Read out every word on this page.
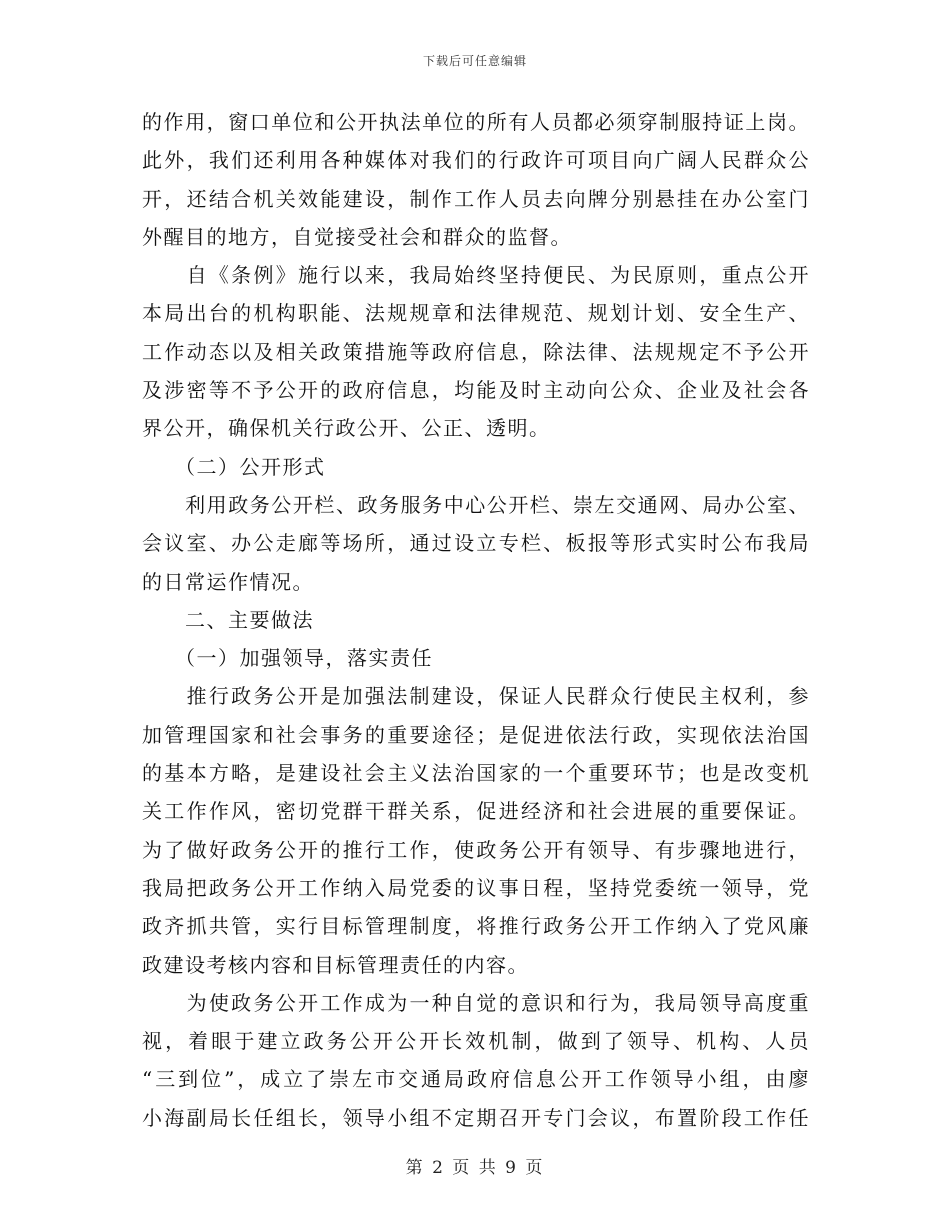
下载后可任意编辑
的作用，窗口单位和公开执法单位的所有人员都必须穿制服持证上岗。
此外，我们还利用各种媒体对我们的行政许可项目向广阔人民群众公
开，还结合机关效能建设，制作工作人员去向牌分别悬挂在办公室门
外醒目的地方，自觉接受社会和群众的监督。
　　自《条例》施行以来，我局始终坚持便民、为民原则，重点公开
本局出台的机构职能、法规规章和法律规范、规划计划、安全生产、
工作动态以及相关政策措施等政府信息，除法律、法规规定不予公开
及涉密等不予公开的政府信息，均能及时主动向公众、企业及社会各
界公开，确保机关行政公开、公正、透明。
　　（二）公开形式
　　利用政务公开栏、政务服务中心公开栏、崇左交通网、局办公室、
会议室、办公走廊等场所，通过设立专栏、板报等形式实时公布我局
的日常运作情况。
　　二、主要做法
　　（一）加强领导，落实责任
　　推行政务公开是加强法制建设，保证人民群众行使民主权利，参
加管理国家和社会事务的重要途径；是促进依法行政，实现依法治国
的基本方略，是建设社会主义法治国家的一个重要环节；也是改变机
关工作作风，密切党群干群关系，促进经济和社会进展的重要保证。
为了做好政务公开的推行工作，使政务公开有领导、有步骤地进行，
我局把政务公开工作纳入局党委的议事日程，坚持党委统一领导，党
政齐抓共管，实行目标管理制度，将推行政务公开工作纳入了党风廉
政建设考核内容和目标管理责任的内容。
　　为使政务公开工作成为一种自觉的意识和行为，我局领导高度重
视，着眼于建立政务公开公开长效机制，做到了领导、机构、人员
“三到位”，成立了崇左市交通局政府信息公开工作领导小组，由廖
小海副局长任组长，领导小组不定期召开专门会议，布置阶段工作任
第 2 页 共 9 页
